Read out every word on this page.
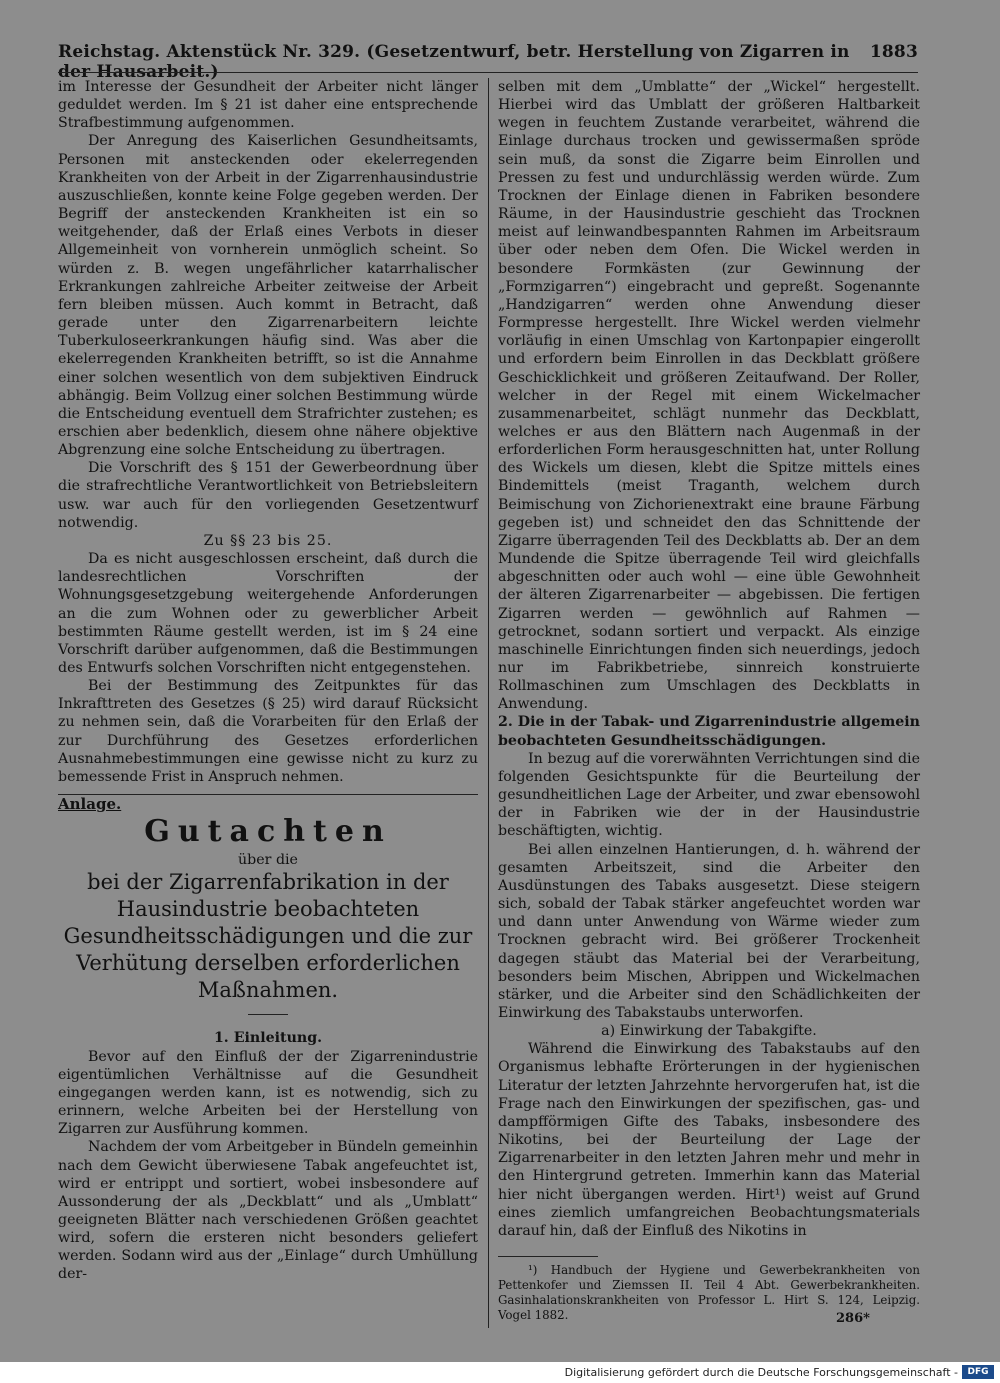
Reichstag. Aktenstück Nr. 329. (Gesetzentwurf, betr. Herstellung von Zigarren in der Hausarbeit.)
1883

im Interesse der Gesundheit der Arbeiter nicht länger geduldet werden. Im § 21 ist daher eine entsprechende Strafbestimmung aufgenommen.

Der Anregung des Kaiserlichen Gesundheitsamts, Personen mit ansteckenden oder ekelerregenden Krankheiten von der Arbeit in der Zigarrenhausindustrie auszuschließen, konnte keine Folge gegeben werden. Der Begriff der ansteckenden Krankheiten ist ein so weitgehender, daß der Erlaß eines Verbots in dieser Allgemeinheit von vornherein unmöglich scheint. So würden z. B. wegen ungefährlicher katarrhalischer Erkrankungen zahlreiche Arbeiter zeitweise der Arbeit fern bleiben müssen. Auch kommt in Betracht, daß gerade unter den Zigarrenarbeitern leichte Tuberkuloseerkrankungen häufig sind. Was aber die ekelerregenden Krankheiten betrifft, so ist die Annahme einer solchen wesentlich von dem subjektiven Eindruck abhängig. Beim Vollzug einer solchen Bestimmung würde die Entscheidung eventuell dem Strafrichter zustehen; es erschien aber bedenklich, diesem ohne nähere objektive Abgrenzung eine solche Entscheidung zu übertragen.

Die Vorschrift des § 151 der Gewerbeordnung über die strafrechtliche Verantwortlichkeit von Betriebsleitern usw. war auch für den vorliegenden Gesetzentwurf notwendig.

Zu §§ 23 bis 25.

Da es nicht ausgeschlossen erscheint, daß durch die landesrechtlichen Vorschriften der Wohnungsgesetzgebung weitergehende Anforderungen an die zum Wohnen oder zu gewerblicher Arbeit bestimmten Räume gestellt werden, ist im § 24 eine Vorschrift darüber aufgenommen, daß die Bestimmungen des Entwurfs solchen Vorschriften nicht entgegenstehen.

Bei der Bestimmung des Zeitpunktes für das Inkrafttreten des Gesetzes (§ 25) wird darauf Rücksicht zu nehmen sein, daß die Vorarbeiten für den Erlaß der zur Durchführung des Gesetzes erforderlichen Ausnahmebestimmungen eine gewisse nicht zu kurz zu bemessende Frist in Anspruch nehmen.

Anlage.

Gutachten

über die

bei der Zigarrenfabrikation in der Hausindustrie beobachteten Gesundheitsschädigungen und die zur Verhütung derselben erforderlichen Maßnahmen.

1. Einleitung.

Bevor auf den Einfluß der der Zigarrenindustrie eigentümlichen Verhältnisse auf die Gesundheit eingegangen werden kann, ist es notwendig, sich zu erinnern, welche Arbeiten bei der Herstellung von Zigarren zur Ausführung kommen.

Nachdem der vom Arbeitgeber in Bündeln gemeinhin nach dem Gewicht überwiesene Tabak angefeuchtet ist, wird er entrippt und sortiert, wobei insbesondere auf Aussonderung der als „Deckblatt“ und als „Umblatt“ geeigneten Blätter nach verschiedenen Größen geachtet wird, sofern die ersteren nicht besonders geliefert werden. Sodann wird aus der „Einlage“ durch Umhüllung der-

selben mit dem „Umblatte“ der „Wickel“ hergestellt. Hierbei wird das Umblatt der größeren Haltbarkeit wegen in feuchtem Zustande verarbeitet, während die Einlage durchaus trocken und gewissermaßen spröde sein muß, da sonst die Zigarre beim Einrollen und Pressen zu fest und undurchlässig werden würde. Zum Trocknen der Einlage dienen in Fabriken besondere Räume, in der Hausindustrie geschieht das Trocknen meist auf leinwandbespannten Rahmen im Arbeitsraum über oder neben dem Ofen. Die Wickel werden in besondere Formkästen (zur Gewinnung der „Formzigarren“) eingebracht und gepreßt. Sogenannte „Handzigarren“ werden ohne Anwendung dieser Formpresse hergestellt. Ihre Wickel werden vielmehr vorläufig in einen Umschlag von Kartonpapier eingerollt und erfordern beim Einrollen in das Deckblatt größere Geschicklichkeit und größeren Zeitaufwand. Der Roller, welcher in der Regel mit einem Wickelmacher zusammenarbeitet, schlägt nunmehr das Deckblatt, welches er aus den Blättern nach Augenmaß in der erforderlichen Form herausgeschnitten hat, unter Rollung des Wickels um diesen, klebt die Spitze mittels eines Bindemittels (meist Traganth, welchem durch Beimischung von Zichorienextrakt eine braune Färbung gegeben ist) und schneidet den das Schnittende der Zigarre überragenden Teil des Deckblatts ab. Der an dem Mundende die Spitze überragende Teil wird gleichfalls abgeschnitten oder auch wohl — eine üble Gewohnheit der älteren Zigarrenarbeiter — abgebissen. Die fertigen Zigarren werden — gewöhnlich auf Rahmen — getrocknet, sodann sortiert und verpackt. Als einzige maschinelle Einrichtungen finden sich neuerdings, jedoch nur im Fabrikbetriebe, sinnreich konstruierte Rollmaschinen zum Umschlagen des Deckblatts in Anwendung.

2. Die in der Tabak- und Zigarrenindustrie allgemein beobachteten Gesundheitsschädigungen.

In bezug auf die vorerwähnten Verrichtungen sind die folgenden Gesichtspunkte für die Beurteilung der gesundheitlichen Lage der Arbeiter, und zwar ebensowohl der in Fabriken wie der in der Hausindustrie beschäftigten, wichtig.

Bei allen einzelnen Hantierungen, d. h. während der gesamten Arbeitszeit, sind die Arbeiter den Ausdünstungen des Tabaks ausgesetzt. Diese steigern sich, sobald der Tabak stärker angefeuchtet worden war und dann unter Anwendung von Wärme wieder zum Trocknen gebracht wird. Bei größerer Trockenheit dagegen stäubt das Material bei der Verarbeitung, besonders beim Mischen, Abrippen und Wickelmachen stärker, und die Arbeiter sind den Schädlichkeiten der Einwirkung des Tabakstaubs unterworfen.

a) Einwirkung der Tabakgifte.

Während die Einwirkung des Tabakstaubs auf den Organismus lebhafte Erörterungen in der hygienischen Literatur der letzten Jahrzehnte hervorgerufen hat, ist die Frage nach den Einwirkungen der spezifischen, gas- und dampfförmigen Gifte des Tabaks, insbesondere des Nikotins, bei der Beurteilung der Lage der Zigarrenarbeiter in den letzten Jahren mehr und mehr in den Hintergrund getreten. Immerhin kann das Material hier nicht übergangen werden. Hirt¹) weist auf Grund eines ziemlich umfangreichen Beobachtungsmaterials darauf hin, daß der Einfluß des Nikotins in

¹) Handbuch der Hygiene und Gewerbekrankheiten von Pettenkofer und Ziemssen II. Teil 4 Abt. Gewerbekrankheiten. Gasinhalationskrankheiten von Professor L. Hirt S. 124, Leipzig. Vogel 1882.	286*
Digitalisierung gefördert durch die Deutsche Forschungsgemeinschaft -	DFG
